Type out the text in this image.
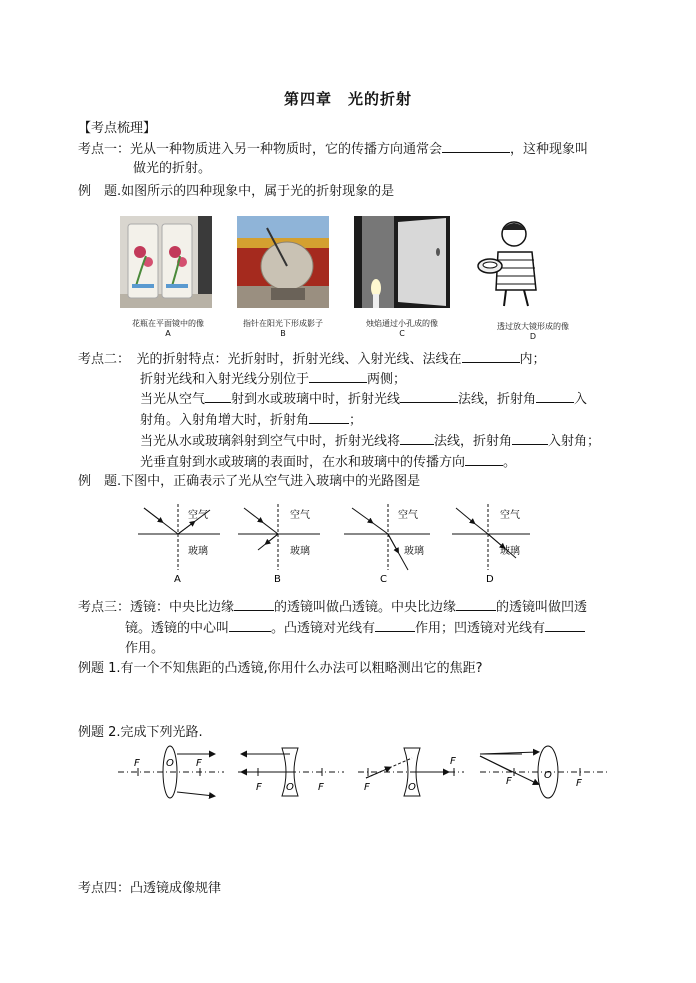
第四章　光的折射
【考点梳理】
考点一：光从一种物质进入另一种物质时，它的传播方向通常会	，这种现象叫
做光的折射。
例　题.如图所示的四种现象中，属于光的折射现象的是
花瓶在平面镜中的像
A
指针在阳光下形成影子
B
烛焰通过小孔成的像
C
透过放大镜形成的像
D
考点二：　光的折射特点：光折射时，折射光线、入射光线、法线在	内；
折射光线和入射光线分别位于	两侧；
当光从空气 射到水或玻璃中时，折射光线	法线，折射角	入
射角。入射角增大时，折射角	；
当光从水或玻璃斜射到空气中时，折射光线将	法线，折射角	入射角；
光垂直射到水或玻璃的表面时，在水和玻璃中的传播方向	。
例　题.下图中，正确表示了光从空气进入玻璃中的光路图是
空气
玻璃
A
空气
玻璃
B
空气
玻璃
C
空气
玻璃
D
考点三：透镜：中央比边缘	的透镜叫做凸透镜。中央比边缘	的透镜叫做凹透
镜。透镜的中心叫	。凸透镜对光线有	作用；凹透镜对光线有
作用。
例题 1.有一个不知焦距的凸透镜,你用什么办法可以粗略测出它的焦距?
例题 2.完成下列光路.
F	O F
F O F	F	O
F
F
O
F
考点四：凸透镜成像规律
